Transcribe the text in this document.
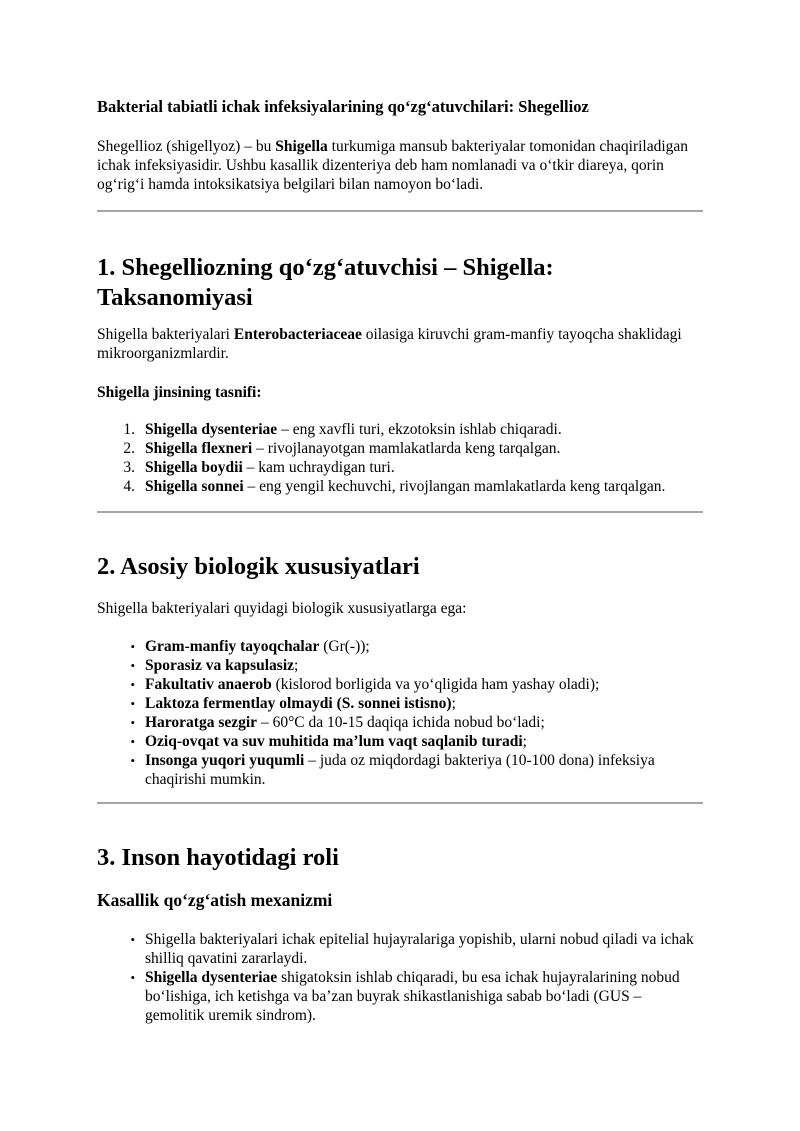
Bakterial tabiatli ichak infeksiyalarining qo‘zg‘atuvchilari: Shegellioz

Shegellioz (shigellyoz) – bu Shigella turkumiga mansub bakteriyalar tomonidan chaqiriladigan ichak infeksiyasidir. Ushbu kasallik dizenteriya deb ham nomlanadi va o‘tkir diareya, qorin og‘rig‘i hamda intoksikatsiya belgilari bilan namoyon bo‘ladi.

1. Shegelliozning qo‘zg‘atuvchisi – Shigella: Taksanomiyasi

Shigella bakteriyalari Enterobacteriaceae oilasiga kiruvchi gram-manfiy tayoqcha shaklidagi mikroorganizmlardir.

Shigella jinsining tasnifi:

1. Shigella dysenteriae – eng xavfli turi, ekzotoksin ishlab chiqaradi.
2. Shigella flexneri – rivojlanayotgan mamlakatlarda keng tarqalgan.
3. Shigella boydii – kam uchraydigan turi.
4. Shigella sonnei – eng yengil kechuvchi, rivojlangan mamlakatlarda keng tarqalgan.
2. Asosiy biologik xususiyatlari

Shigella bakteriyalari quyidagi biologik xususiyatlarga ega:

• Gram-manfiy tayoqchalar (Gr(-));
• Sporasiz va kapsulasiz;
• Fakultativ anaerob (kislorod borligida va yo‘qligida ham yashay oladi);
• Laktoza fermentlay olmaydi (S. sonnei istisno);
• Haroratga sezgir – 60°C da 10-15 daqiqa ichida nobud bo‘ladi;
• Oziq-ovqat va suv muhitida ma’lum vaqt saqlanib turadi;
• Insonga yuqori yuqumli – juda oz miqdordagi bakteriya (10-100 dona) infeksiya chaqirishi mumkin.
3. Inson hayotidagi roli
Kasallik qo‘zg‘atish mexanizmi
• Shigella bakteriyalari ichak epitelial hujayralariga yopishib, ularni nobud qiladi va ichak shilliq qavatini zararlaydi.
• Shigella dysenteriae shigatoksin ishlab chiqaradi, bu esa ichak hujayralarining nobud bo‘lishiga, ich ketishga va ba’zan buyrak shikastlanishiga sabab bo‘ladi (GUS – gemolitik uremik sindrom).
